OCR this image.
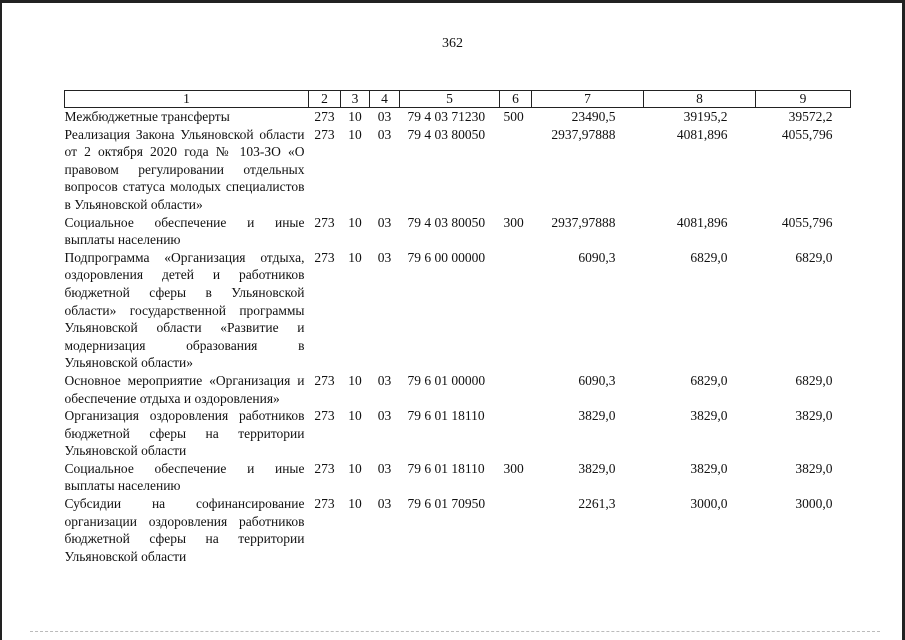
362
1	2	3	4	5	6	7	8	9
Межбюджетные трансферты	273	10	03	79 4 03 71230	500	23490,5	39195,2	39572,2
Реализация Закона Ульяновской области от 2 октября 2020 года № 103-ЗО «О правовом регулировании отдельных вопросов статуса молодых специалистов в Ульяновской области»	273	10	03	79 4 03 80050		2937,97888	4081,896	4055,796
Социальное обеспечение и иные выплаты населению	273	10	03	79 4 03 80050	300	2937,97888	4081,896	4055,796
Подпрограмма «Организация отдыха, оздоровления детей и работников бюджетной сферы в Ульяновской области» государственной программы Ульяновской области «Развитие и модернизация образования в Ульяновской области»	273	10	03	79 6 00 00000		6090,3	6829,0	6829,0
Основное мероприятие «Организация и обеспечение отдыха и оздоровления»	273	10	03	79 6 01 00000		6090,3	6829,0	6829,0
Организация оздоровления работников бюджетной сферы на территории Ульяновской области	273	10	03	79 6 01 18110		3829,0	3829,0	3829,0
Социальное обеспечение и иные выплаты населению	273	10	03	79 6 01 18110	300	3829,0	3829,0	3829,0
Субсидии на софинансирование организации оздоровления работников бюджетной сферы на территории Ульяновской области	273	10	03	79 6 01 70950		2261,3	3000,0	3000,0
